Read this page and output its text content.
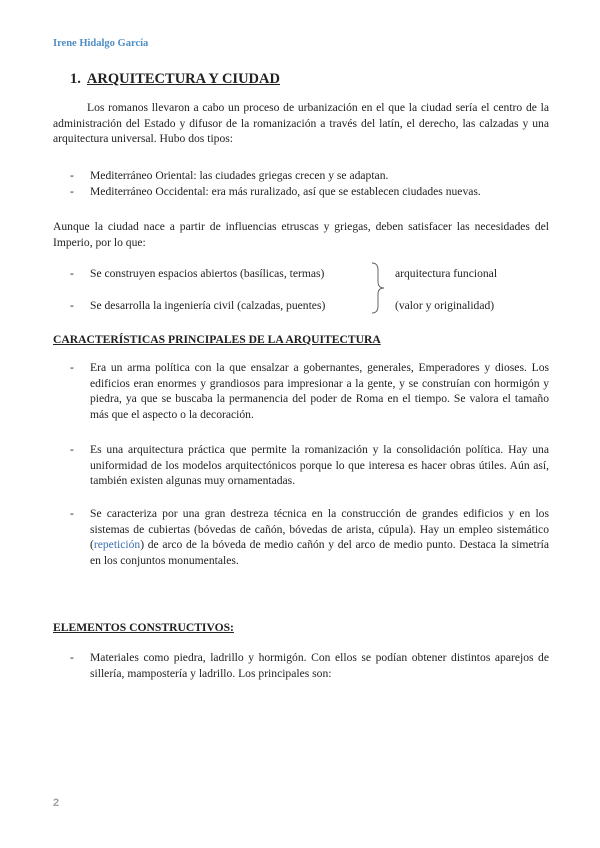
Irene Hidalgo García
1. ARQUITECTURA Y CIUDAD

Los romanos llevaron a cabo un proceso de urbanización en el que la ciudad sería el centro de la administración del Estado y difusor de la romanización a través del latín, el derecho, las calzadas y una arquitectura universal. Hubo dos tipos:

- Mediterráneo Oriental: las ciudades griegas crecen y se adaptan.
- Mediterráneo Occidental: era más ruralizado, así que se establecen ciudades nuevas.

Aunque la ciudad nace a partir de influencias etruscas y griegas, deben satisfacer las necesidades del Imperio, por lo que:

- Se construyen espacios abiertos (basílicas, termas)
- Se desarrolla la ingeniería civil (calzadas, puentes)
arquitectura funcional
(valor y originalidad)
CARACTERÍSTICAS PRINCIPALES DE LA ARQUITECTURA
- Era un arma política con la que ensalzar a gobernantes, generales, Emperadores y dioses. Los edificios eran enormes y grandiosos para impresionar a la gente, y se construían con hormigón y piedra, ya que se buscaba la permanencia del poder de Roma en el tiempo. Se valora el tamaño más que el aspecto o la decoración.
- Es una arquitectura práctica que permite la romanización y la consolidación política. Hay una uniformidad de los modelos arquitectónicos porque lo que interesa es hacer obras útiles. Aún así, también existen algunas muy ornamentadas.
- Se caracteriza por una gran destreza técnica en la construcción de grandes edificios y en los sistemas de cubiertas (bóvedas de cañón, bóvedas de arista, cúpula). Hay un empleo sistemático (repetición) de arco de la bóveda de medio cañón y del arco de medio punto. Destaca la simetría en los conjuntos monumentales.
ELEMENTOS CONSTRUCTIVOS:
- Materiales como piedra, ladrillo y hormigón. Con ellos se podían obtener distintos aparejos de sillería, mampostería y ladrillo. Los principales son:
2
